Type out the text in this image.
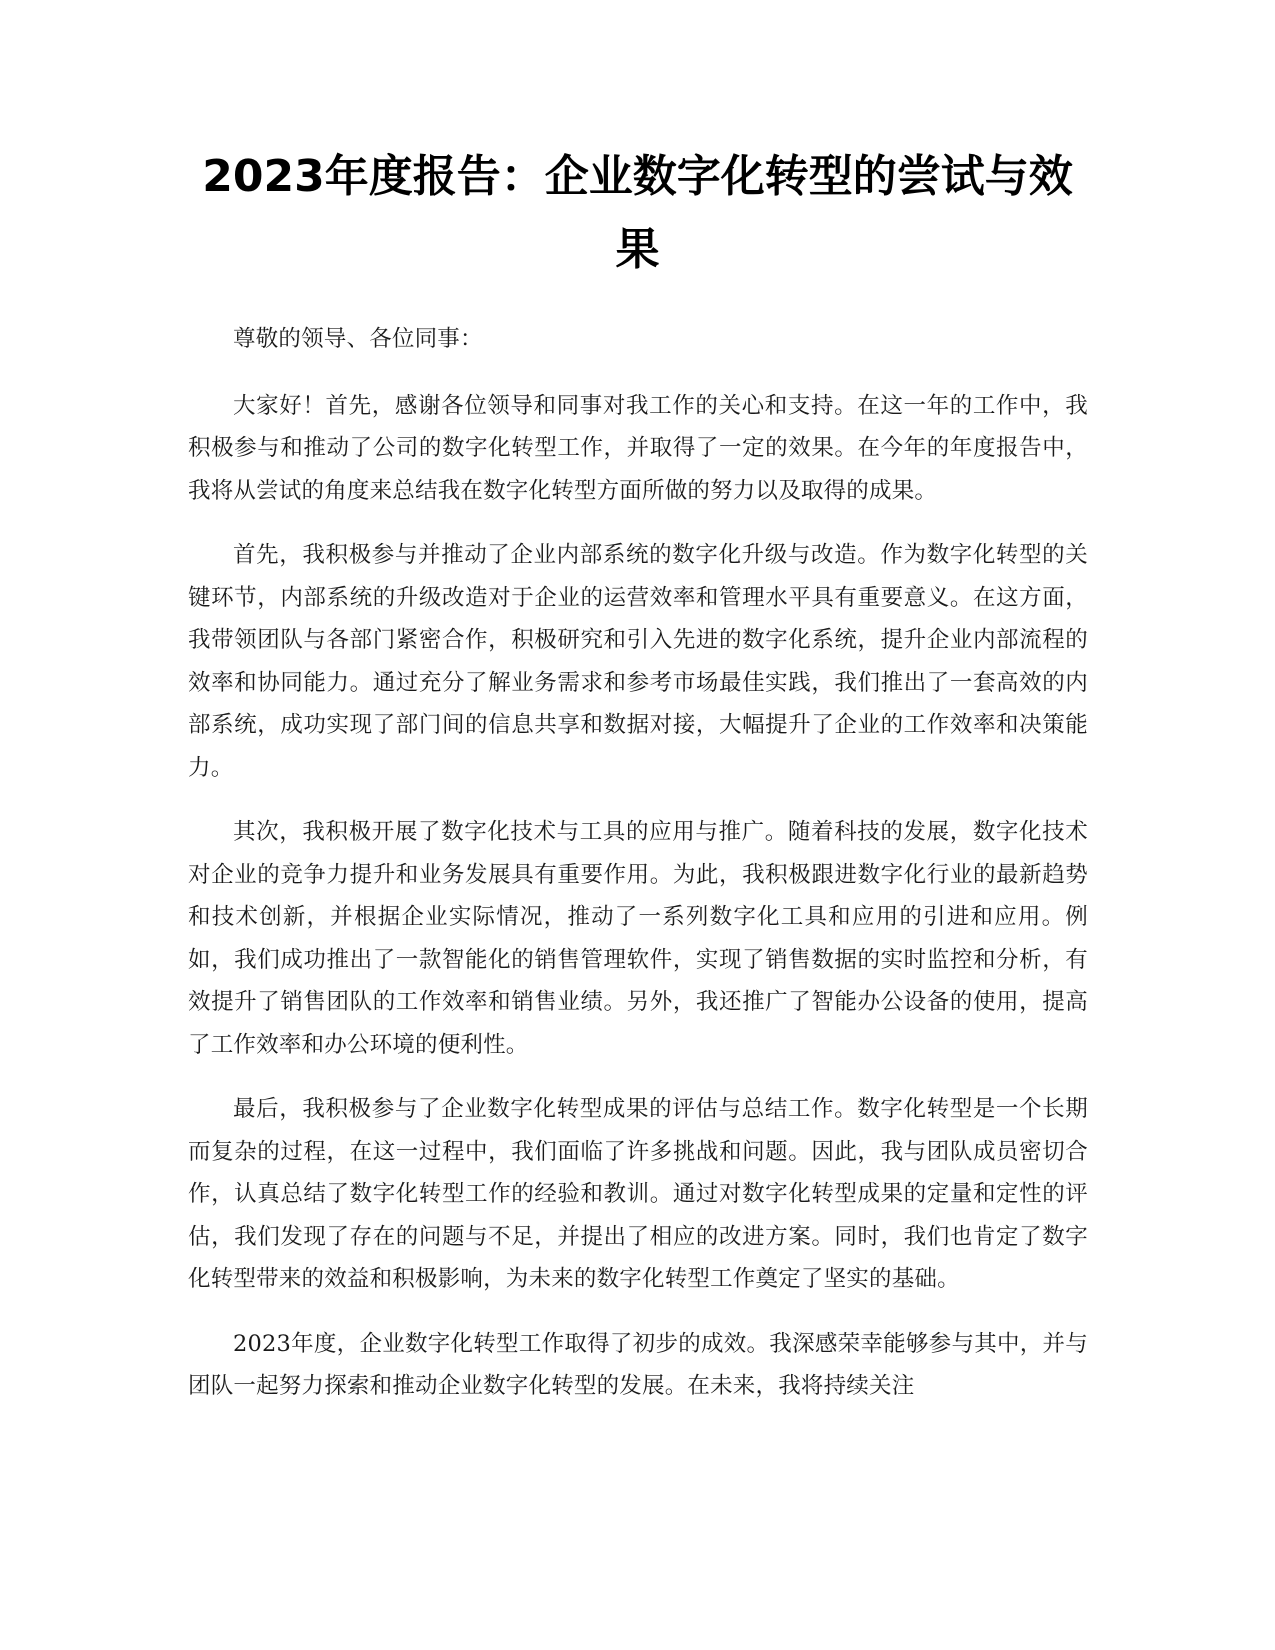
2023年度报告：企业数字化转型的尝试与效果

尊敬的领导、各位同事：

大家好！首先，感谢各位领导和同事对我工作的关心和支持。在这一年的工作中，我积极参与和推动了公司的数字化转型工作，并取得了一定的效果。在今年的年度报告中，我将从尝试的角度来总结我在数字化转型方面所做的努力以及取得的成果。

首先，我积极参与并推动了企业内部系统的数字化升级与改造。作为数字化转型的关键环节，内部系统的升级改造对于企业的运营效率和管理水平具有重要意义。在这方面，我带领团队与各部门紧密合作，积极研究和引入先进的数字化系统，提升企业内部流程的效率和协同能力。通过充分了解业务需求和参考市场最佳实践，我们推出了一套高效的内部系统，成功实现了部门间的信息共享和数据对接，大幅提升了企业的工作效率和决策能力。

其次，我积极开展了数字化技术与工具的应用与推广。随着科技的发展，数字化技术对企业的竞争力提升和业务发展具有重要作用。为此，我积极跟进数字化行业的最新趋势和技术创新，并根据企业实际情况，推动了一系列数字化工具和应用的引进和应用。例如，我们成功推出了一款智能化的销售管理软件，实现了销售数据的实时监控和分析，有效提升了销售团队的工作效率和销售业绩。另外，我还推广了智能办公设备的使用，提高了工作效率和办公环境的便利性。

最后，我积极参与了企业数字化转型成果的评估与总结工作。数字化转型是一个长期而复杂的过程，在这一过程中，我们面临了许多挑战和问题。因此，我与团队成员密切合作，认真总结了数字化转型工作的经验和教训。通过对数字化转型成果的定量和定性的评估，我们发现了存在的问题与不足，并提出了相应的改进方案。同时，我们也肯定了数字化转型带来的效益和积极影响，为未来的数字化转型工作奠定了坚实的基础。

2023年度，企业数字化转型工作取得了初步的成效。我深感荣幸能够参与其中，并与团队一起努力探索和推动企业数字化转型的发展。在未来，我将持续关注
